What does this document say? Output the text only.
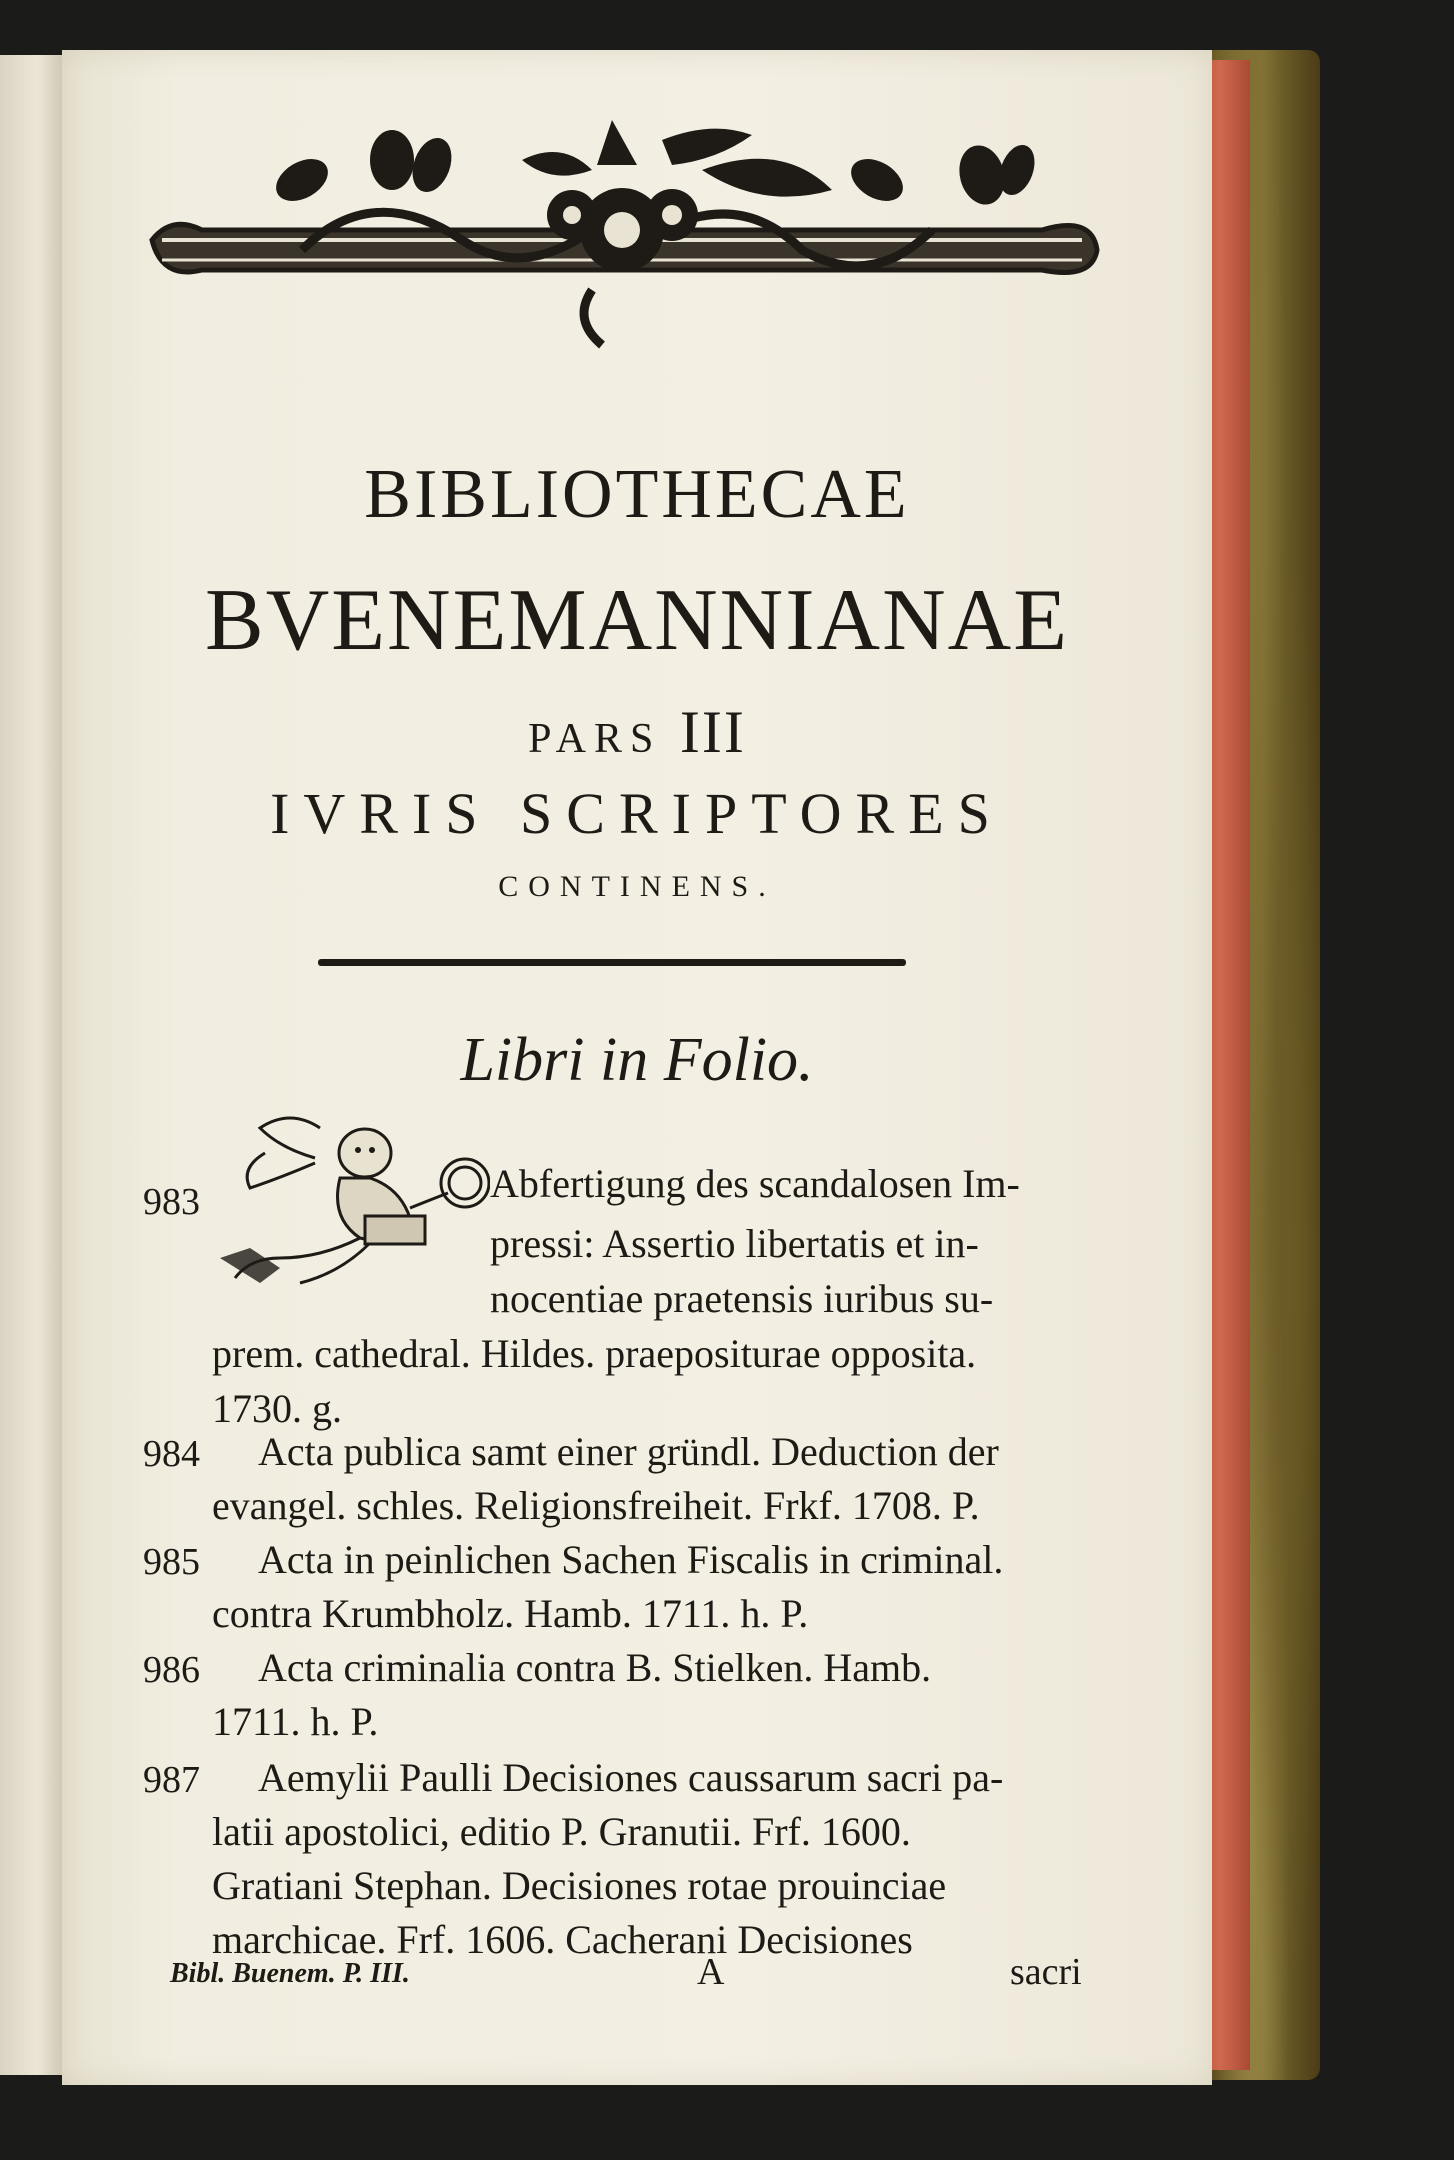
BIBLIOTHECAE
BVENEMANNIANAE
PARS III
IVRIS SCRIPTORES
CONTINENS.
Libri in Folio.
983	Abfertigung des scandalosen Im-
pressi: Assertio libertatis et in-
nocentiae praetensis iuribus su-
prem. cathedral. Hildes. praepositurae opposita.
1730. g.
984 Acta publica samt einer gründl. Deduction der
evangel. schles. Religionsfreiheit. Frkf. 1708. P.
985 Acta in peinlichen Sachen Fiscalis in criminal.
contra Krumbholz. Hamb. 1711. h. P.
986 Acta criminalia contra B. Stielken. Hamb.
1711. h. P.
987 Aemylii Paulli Decisiones caussarum sacri pa-
latii apostolici, editio P. Granutii. Frf. 1600.
Gratiani Stephan. Decisiones rotae prouinciae
marchicae. Frf. 1606. Cacherani Decisiones
Bibl. Buenem. P. III.	A	sacri
